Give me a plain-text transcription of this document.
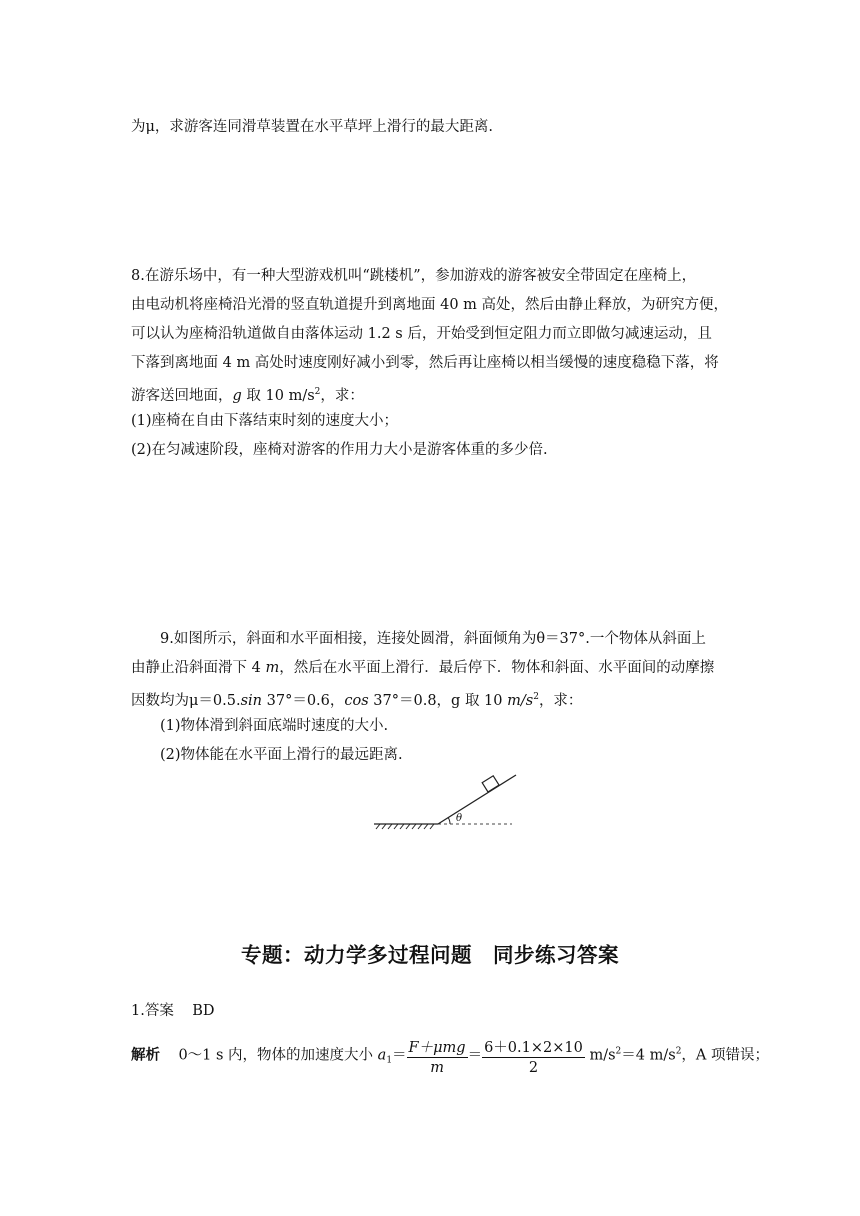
为μ，求游客连同滑草装置在水平草坪上滑行的最大距离.
8.在游乐场中，有一种大型游戏机叫“跳楼机”，参加游戏的游客被安全带固定在座椅上，
由电动机将座椅沿光滑的竖直轨道提升到离地面 40 m 高处，然后由静止释放，为研究方便，
可以认为座椅沿轨道做自由落体运动 1.2 s 后，开始受到恒定阻力而立即做匀减速运动，且
下落到离地面 4 m 高处时速度刚好减小到零，然后再让座椅以相当缓慢的速度稳稳下落，将
游客送回地面，g 取 10 $m/s^2$，求：
(1)座椅在自由下落结束时刻的速度大小；
(2)在匀减速阶段，座椅对游客的作用力大小是游客体重的多少倍.
9.如图所示，斜面和水平面相接，连接处圆滑，斜面倾角为θ＝37°.一个物体从斜面上
由静止沿斜面滑下 4 m，然后在水平面上滑行．最后停下．物体和斜面、水平面间的动摩擦
因数均为μ＝0.5.sin 37°＝0.6，cos 37°＝0.8，g 取 10 $m/s^2$，求：
(1)物体滑到斜面底端时速度的大小.
(2)物体能在水平面上滑行的最远距离.
θ
专题：动力学多过程问题　同步练习答案
1.答案 BD
解析 0～1 s 内，物体的加速度大小 $a_1= \frac{\text{F＋μmg}}{m} = \frac{6+0.1\times 2\times 10}{2} m/s^2=4$ $m/s^2$，A 项错误；
